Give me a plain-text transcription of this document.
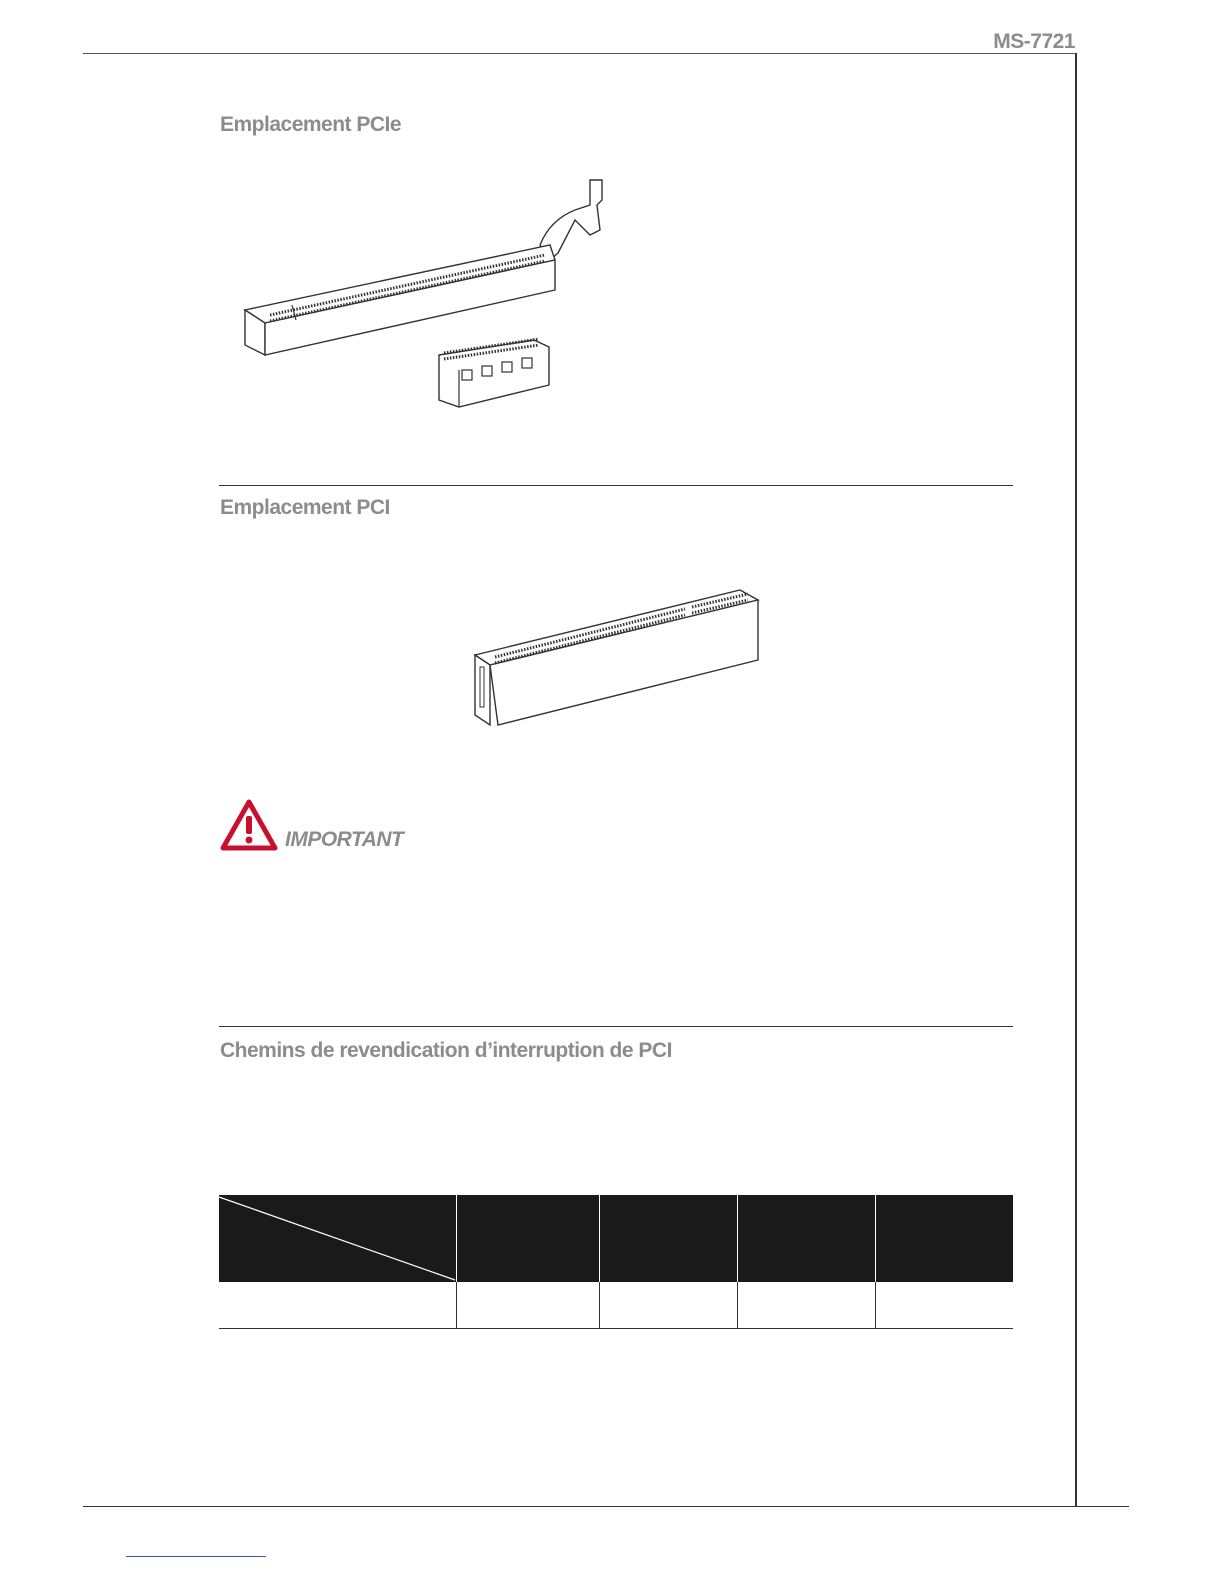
MS-7721
Emplacement PCIe
Emplacement PCI
IMPORTANT
Chemins de revendication d’interruption de PCI
